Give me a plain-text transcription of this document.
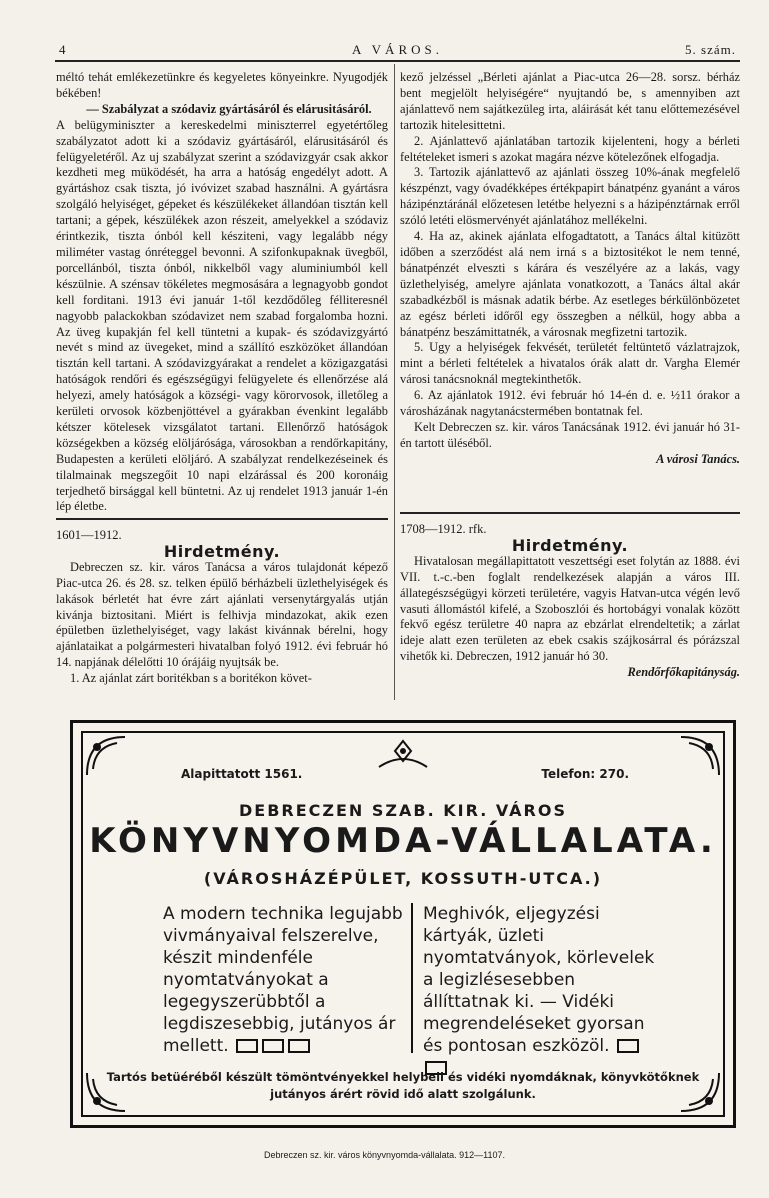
4	A VÁROS.	5. szám.

méltó tehát emlékezetünkre és kegyeletes könyeinkre. Nyugodjék békében!

— Szabályzat a szódaviz gyártásáról és elárusitásáról.

A belügyminiszter a kereskedelmi miniszterrel egyetértőleg szabályzatot adott ki a szódaviz gyártásáról, elárusitásáról és felügyeletéről. Az uj szabályzat szerint a szódavizgyár csak akkor kezdheti meg müködését, ha arra a hatóság engedélyt adott. A gyártáshoz csak tiszta, jó ivóvizet szabad használni. A gyártásra szolgáló helyiséget, gépeket és készülékeket állandóan tisztán kell tartani; a gépek, készülékek azon részeit, amelyekkel a szódaviz érintkezik, tiszta ónból kell késziteni, vagy legalább négy miliméter vastag ónréteggel bevonni. A szifonkupaknak üvegből, porcellánból, tiszta ónból, nikkelből vagy aluminiumból kell készülnie. A szénsav tökéletes megmosására a legnagyobb gondot kell forditani. 1913 évi január 1-től kezdődőleg félliteresnél nagyobb palackokban szódavizet nem szabad forgalomba hozni. Az üveg kupakján fel kell tüntetni a kupak- és szódavizgyártó nevét s mind az üvegeket, mind a szállító eszközöket állandóan tisztán kell tartani. A szódavizgyárakat a rendelet a közigazgatási hatóságok rendőri és egészségügyi felügyelete és ellenőrzése alá helyezi, amely hatóságok a községi- vagy körorvosok, illetőleg a kerületi orvosok közbenjöttével a gyárakban évenkint legalább kétszer kötelesek vizsgálatot tartani. Ellenőrző hatóságok községekben a község elöljárósága, városokban a rendőrkapitány, Budapesten a kerületi elöljáró. A szabályzat rendelkezéseinek és tilalmainak megszegőit 10 napi elzárással és 200 koronáig terjedhető birsággal kell büntetni. Az uj rendelet 1913 január 1-én lép életbe.

kező jelzéssel „Bérleti ajánlat a Piac-utca 26—28. sorsz. bérház bent megjelölt helyiségére“ nyujtandó be, s amennyiben azt ajánlattevő nem sajátkezüleg irta, aláirását két tanu előttemezésével tartozik hitelesittetni.

2. Ajánlattevő ajánlatában tartozik kijelenteni, hogy a bérleti feltételeket ismeri s azokat magára nézve kötelezőnek elfogadja.

3. Tartozik ajánlattevő az ajánlati összeg 10%-ának megfelelő készpénzt, vagy óvadékképes értékpapirt bánatpénz gyanánt a város házipénztáránál előzetesen letétbe helyezni s a házipénztárnak erről szóló letéti elösmervényét ajánlatához mellékelni.

4. Ha az, akinek ajánlata elfogadtatott, a Tanács által kitüzött időben a szerződést alá nem irná s a biztositékot le nem tenné, bánatpénzét elveszti s kárára és veszélyére az a lakás, vagy üzlethelyiség, amelyre ajánlata vonatkozott, a Tanács által akár szabadkézből is másnak adatik bérbe. Az esetleges bérkülönbözetet az egész bérleti időről egy összegben a nélkül, hogy abba a bánatpénz beszámittatnék, a városnak megfizetni tartozik.

5. Ugy a helyiségek fekvését, területét feltüntető vázlatrajzok, mint a bérleti feltételek a hivatalos órák alatt dr. Vargha Elemér városi tanácsnoknál megtekinthetők.

6. Az ajánlatok 1912. évi február hó 14-én d. e. ½11 órakor a városházának nagytanácstermében bontatnak fel.

Kelt Debreczen sz. kir. város Tanácsának 1912. évi január hó 31-én tartott üléséből.

A városi Tanács.

1601—1912.

Hirdetmény.

Debreczen sz. kir. város Tanácsa a város tulajdonát képező Piac-utca 26. és 28. sz. telken épülő bérházbeli üzlethelyiségek és lakások bérletét hat évre zárt ajánlati versenytárgyalás utján kivánja biztositani. Miért is felhivja mindazokat, akik ezen épületben üzlethelyiséget, vagy lakást kivánnak bérelni, hogy ajánlataikat a polgármesteri hivatalban folyó 1912. évi február hó 14. napjának délelőtti 10 órájáig nyujtsák be.

1. Az ajánlat zárt boritékban s a boritékon követ-

1708—1912. rfk.

Hirdetmény.

Hivatalosan megállapittatott veszettségi eset folytán az 1888. évi VII. t.-c.-ben foglalt rendelkezések alapján a város III. állategészségügyi körzeti területére, vagyis Hatvan-utca végén levő vasuti állomástól kifelé, a Szoboszlói és hortobágyi vonalak között fekvő egész területre 40 napra az ebzárlat elrendeltetik; a zárlat ideje alatt ezen területen az ebek csakis szájkosárral és pórázszal vihetők ki. Debreczen, 1912 január hó 30.

Rendőrfőkapitányság.

Alapittatott 1561.	Telefon: 270.
DEBRECZEN SZAB. KIR. VÁROS
KÖNYVNYOMDA-VÁLLALATA.
(VÁROSHÁZÉPÜLET, KOSSUTH-UTCA.)
A modern technika legujabb vivmányaival felszerelve, készit mindenféle nyomtatványokat a legegyszerübbtől a legdiszesebbig, jutányos ár mellett.
Meghivók, eljegyzési kártyák, üzleti nyomtatványok, körlevelek a legizlésesebben állíttatnak ki. — Vidéki megrendeléseket gyorsan és pontosan eszközöl.
Tartós betüéréből készült tömöntvényekkel helybeli és vidéki nyomdáknak, könyvkötőknek jutányos árért rövid idő alatt szolgálunk.
Debreczen sz. kir. város könyvnyomda-vállalata. 912—1107.
